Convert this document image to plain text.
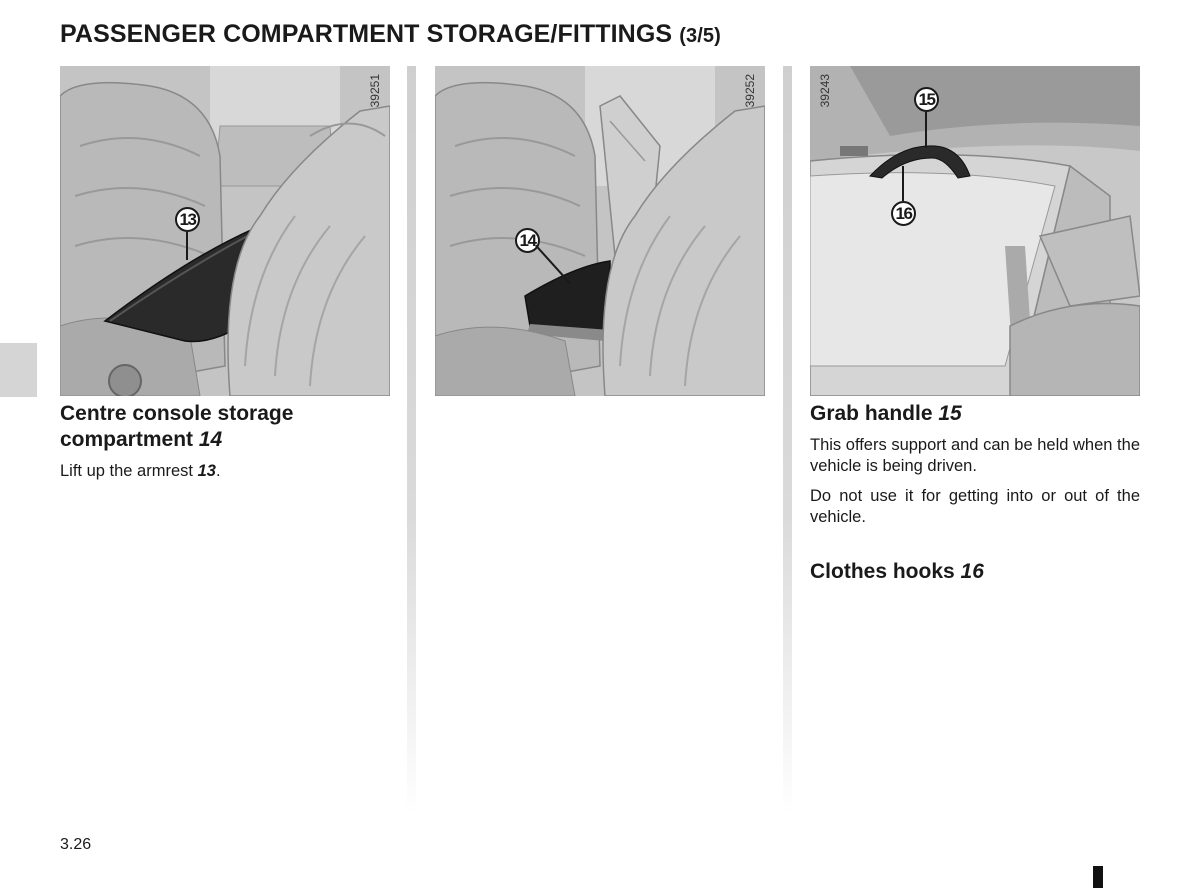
PASSENGER COMPARTMENT STORAGE/FITTINGS (3/5)
39251
13
39252
14
39243	15
16
Centre console storage compartment 14

Lift up the armrest 13.

Grab handle 15

This offers support and can be held when the vehicle is being driven.

Do not use it for getting into or out of the vehicle.

Clothes hooks 16
3.26
